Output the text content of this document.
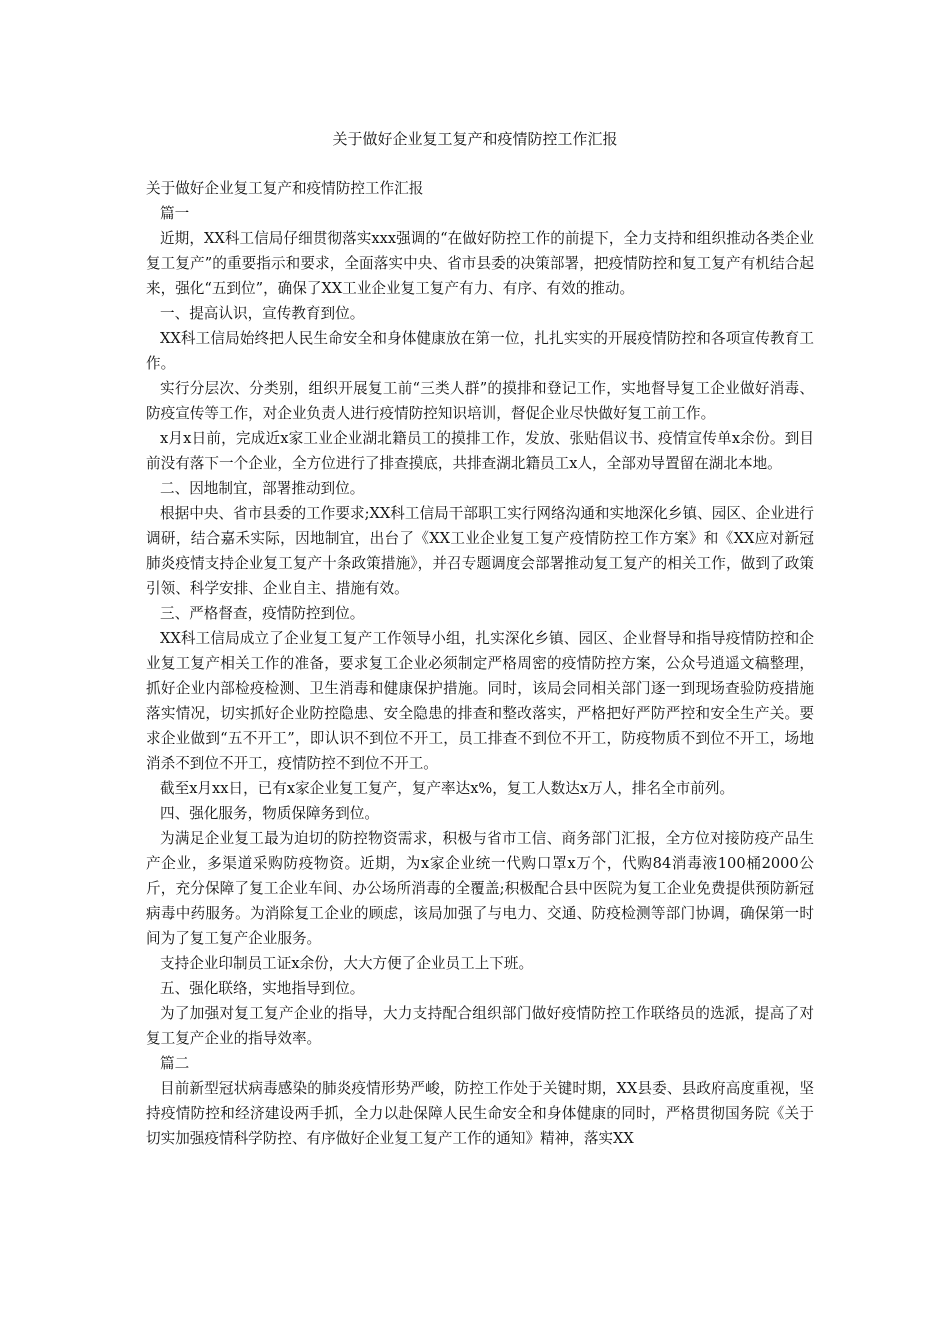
关于做好企业复工复产和疫情防控工作汇报

关于做好企业复工复产和疫情防控工作汇报

篇一

近期，XX科工信局仔细贯彻落实xxx强调的“在做好防控工作的前提下，全力支持和组织推动各类企业复工复产”的重要指示和要求，全面落实中央、省市县委的决策部署，把疫情防控和复工复产有机结合起来，强化“五到位”，确保了XX工业企业复工复产有力、有序、有效的推动。

一、提高认识，宣传教育到位。

XX科工信局始终把人民生命安全和身体健康放在第一位，扎扎实实的开展疫情防控和各项宣传教育工作。

实行分层次、分类别，组织开展复工前“三类人群”的摸排和登记工作，实地督导复工企业做好消毒、防疫宣传等工作，对企业负责人进行疫情防控知识培训，督促企业尽快做好复工前工作。

x月x日前，完成近x家工业企业湖北籍员工的摸排工作，发放、张贴倡议书、疫情宣传单x余份。到目前没有落下一个企业，全方位进行了排查摸底，共排查湖北籍员工x人，全部劝导置留在湖北本地。

二、因地制宜，部署推动到位。

根据中央、省市县委的工作要求;XX科工信局干部职工实行网络沟通和实地深化乡镇、园区、企业进行调研，结合嘉禾实际，因地制宜，出台了《XX工业企业复工复产疫情防控工作方案》和《XX应对新冠肺炎疫情支持企业复工复产十条政策措施》，并召专题调度会部署推动复工复产的相关工作，做到了政策引领、科学安排、企业自主、措施有效。

三、严格督查，疫情防控到位。

XX科工信局成立了企业复工复产工作领导小组，扎实深化乡镇、园区、企业督导和指导疫情防控和企业复工复产相关工作的准备，要求复工企业必须制定严格周密的疫情防控方案，公众号逍遥文稿整理，抓好企业内部检疫检测、卫生消毒和健康保护措施。同时，该局会同相关部门逐一到现场查验防疫措施落实情况，切实抓好企业防控隐患、安全隐患的排查和整改落实，严格把好严防严控和安全生产关。要求企业做到“五不开工”，即认识不到位不开工，员工排查不到位不开工，防疫物质不到位不开工，场地消杀不到位不开工，疫情防控不到位不开工。

截至x月xx日，已有x家企业复工复产，复产率达x%，复工人数达x万人，排名全市前列。

四、强化服务，物质保障务到位。

为满足企业复工最为迫切的防控物资需求，积极与省市工信、商务部门汇报，全方位对接防疫产品生产企业，多渠道采购防疫物资。近期，为x家企业统一代购口罩x万个，代购84消毒液100桶2000公斤，充分保障了复工企业车间、办公场所消毒的全覆盖;积极配合县中医院为复工企业免费提供预防新冠病毒中药服务。为消除复工企业的顾虑，该局加强了与电力、交通、防疫检测等部门协调，确保第一时间为了复工复产企业服务。

支持企业印制员工证x余份，大大方便了企业员工上下班。

五、强化联络，实地指导到位。

为了加强对复工复产企业的指导，大力支持配合组织部门做好疫情防控工作联络员的选派，提高了对复工复产企业的指导效率。

篇二

目前新型冠状病毒感染的肺炎疫情形势严峻，防控工作处于关键时期，XX县委、县政府高度重视，坚持疫情防控和经济建设两手抓，全力以赴保障人民生命安全和身体健康的同时，严格贯彻国务院《关于切实加强疫情科学防控、有序做好企业复工复产工作的通知》精神，落实XX
